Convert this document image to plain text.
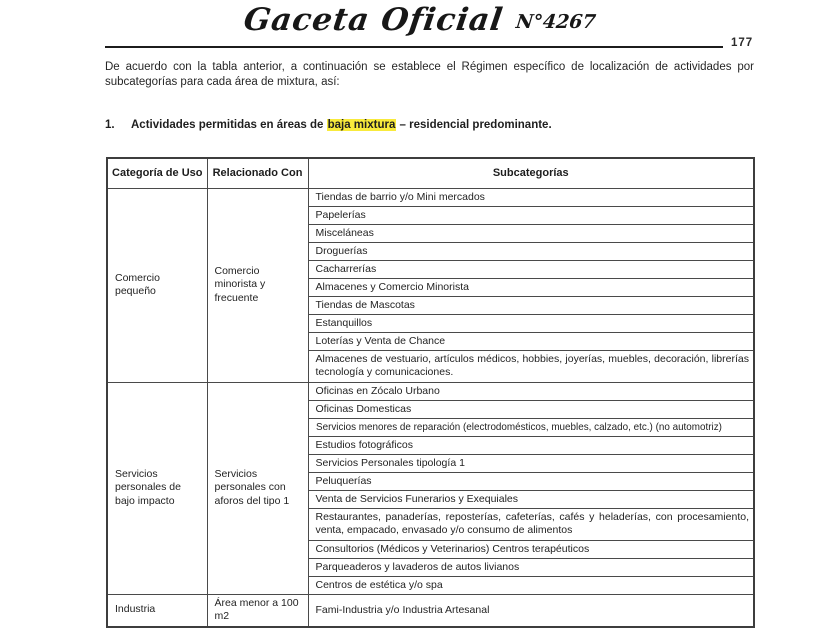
Gaceta Oficial N°4267
177

De acuerdo con la tabla anterior, a continuación se establece el Régimen específico de localización de actividades por subcategorías para cada área de mixtura, así:

1.	Actividades permitidas en áreas de baja mixtura – residencial predominante.
Categoría de Uso	Relacionado Con	Subcategorías
Comercio pequeño	Comercio minorista y frecuente	Tiendas de barrio y/o Mini mercados
		Papelerías
		Misceláneas
		Droguerías
		Cacharrerías
		Almacenes y Comercio Minorista
		Tiendas de Mascotas
		Estanquillos
		Loterías y Venta de Chance
		Almacenes de vestuario, artículos médicos, hobbies, joyerías, muebles, decoración, librerías tecnología y comunicaciones.
Servicios personales de bajo impacto	Servicios personales con aforos del tipo 1	Oficinas en Zócalo Urbano
		Oficinas Domesticas
		Servicios menores de reparación (electrodomésticos, muebles, calzado, etc.) (no automotriz)
		Estudios fotográficos
		Servicios Personales tipología 1
		Peluquerías
		Venta de Servicios Funerarios y Exequiales
		Restaurantes, panaderías, reposterías, cafeterías, cafés y heladerías, con procesamiento, venta, empacado, envasado y/o consumo de alimentos
		Consultorios (Médicos y Veterinarios) Centros terapéuticos
		Parqueaderos y lavaderos de autos livianos
		Centros de estética y/o spa
Industria	Área menor a 100 m2	Fami-Industria y/o Industria Artesanal
